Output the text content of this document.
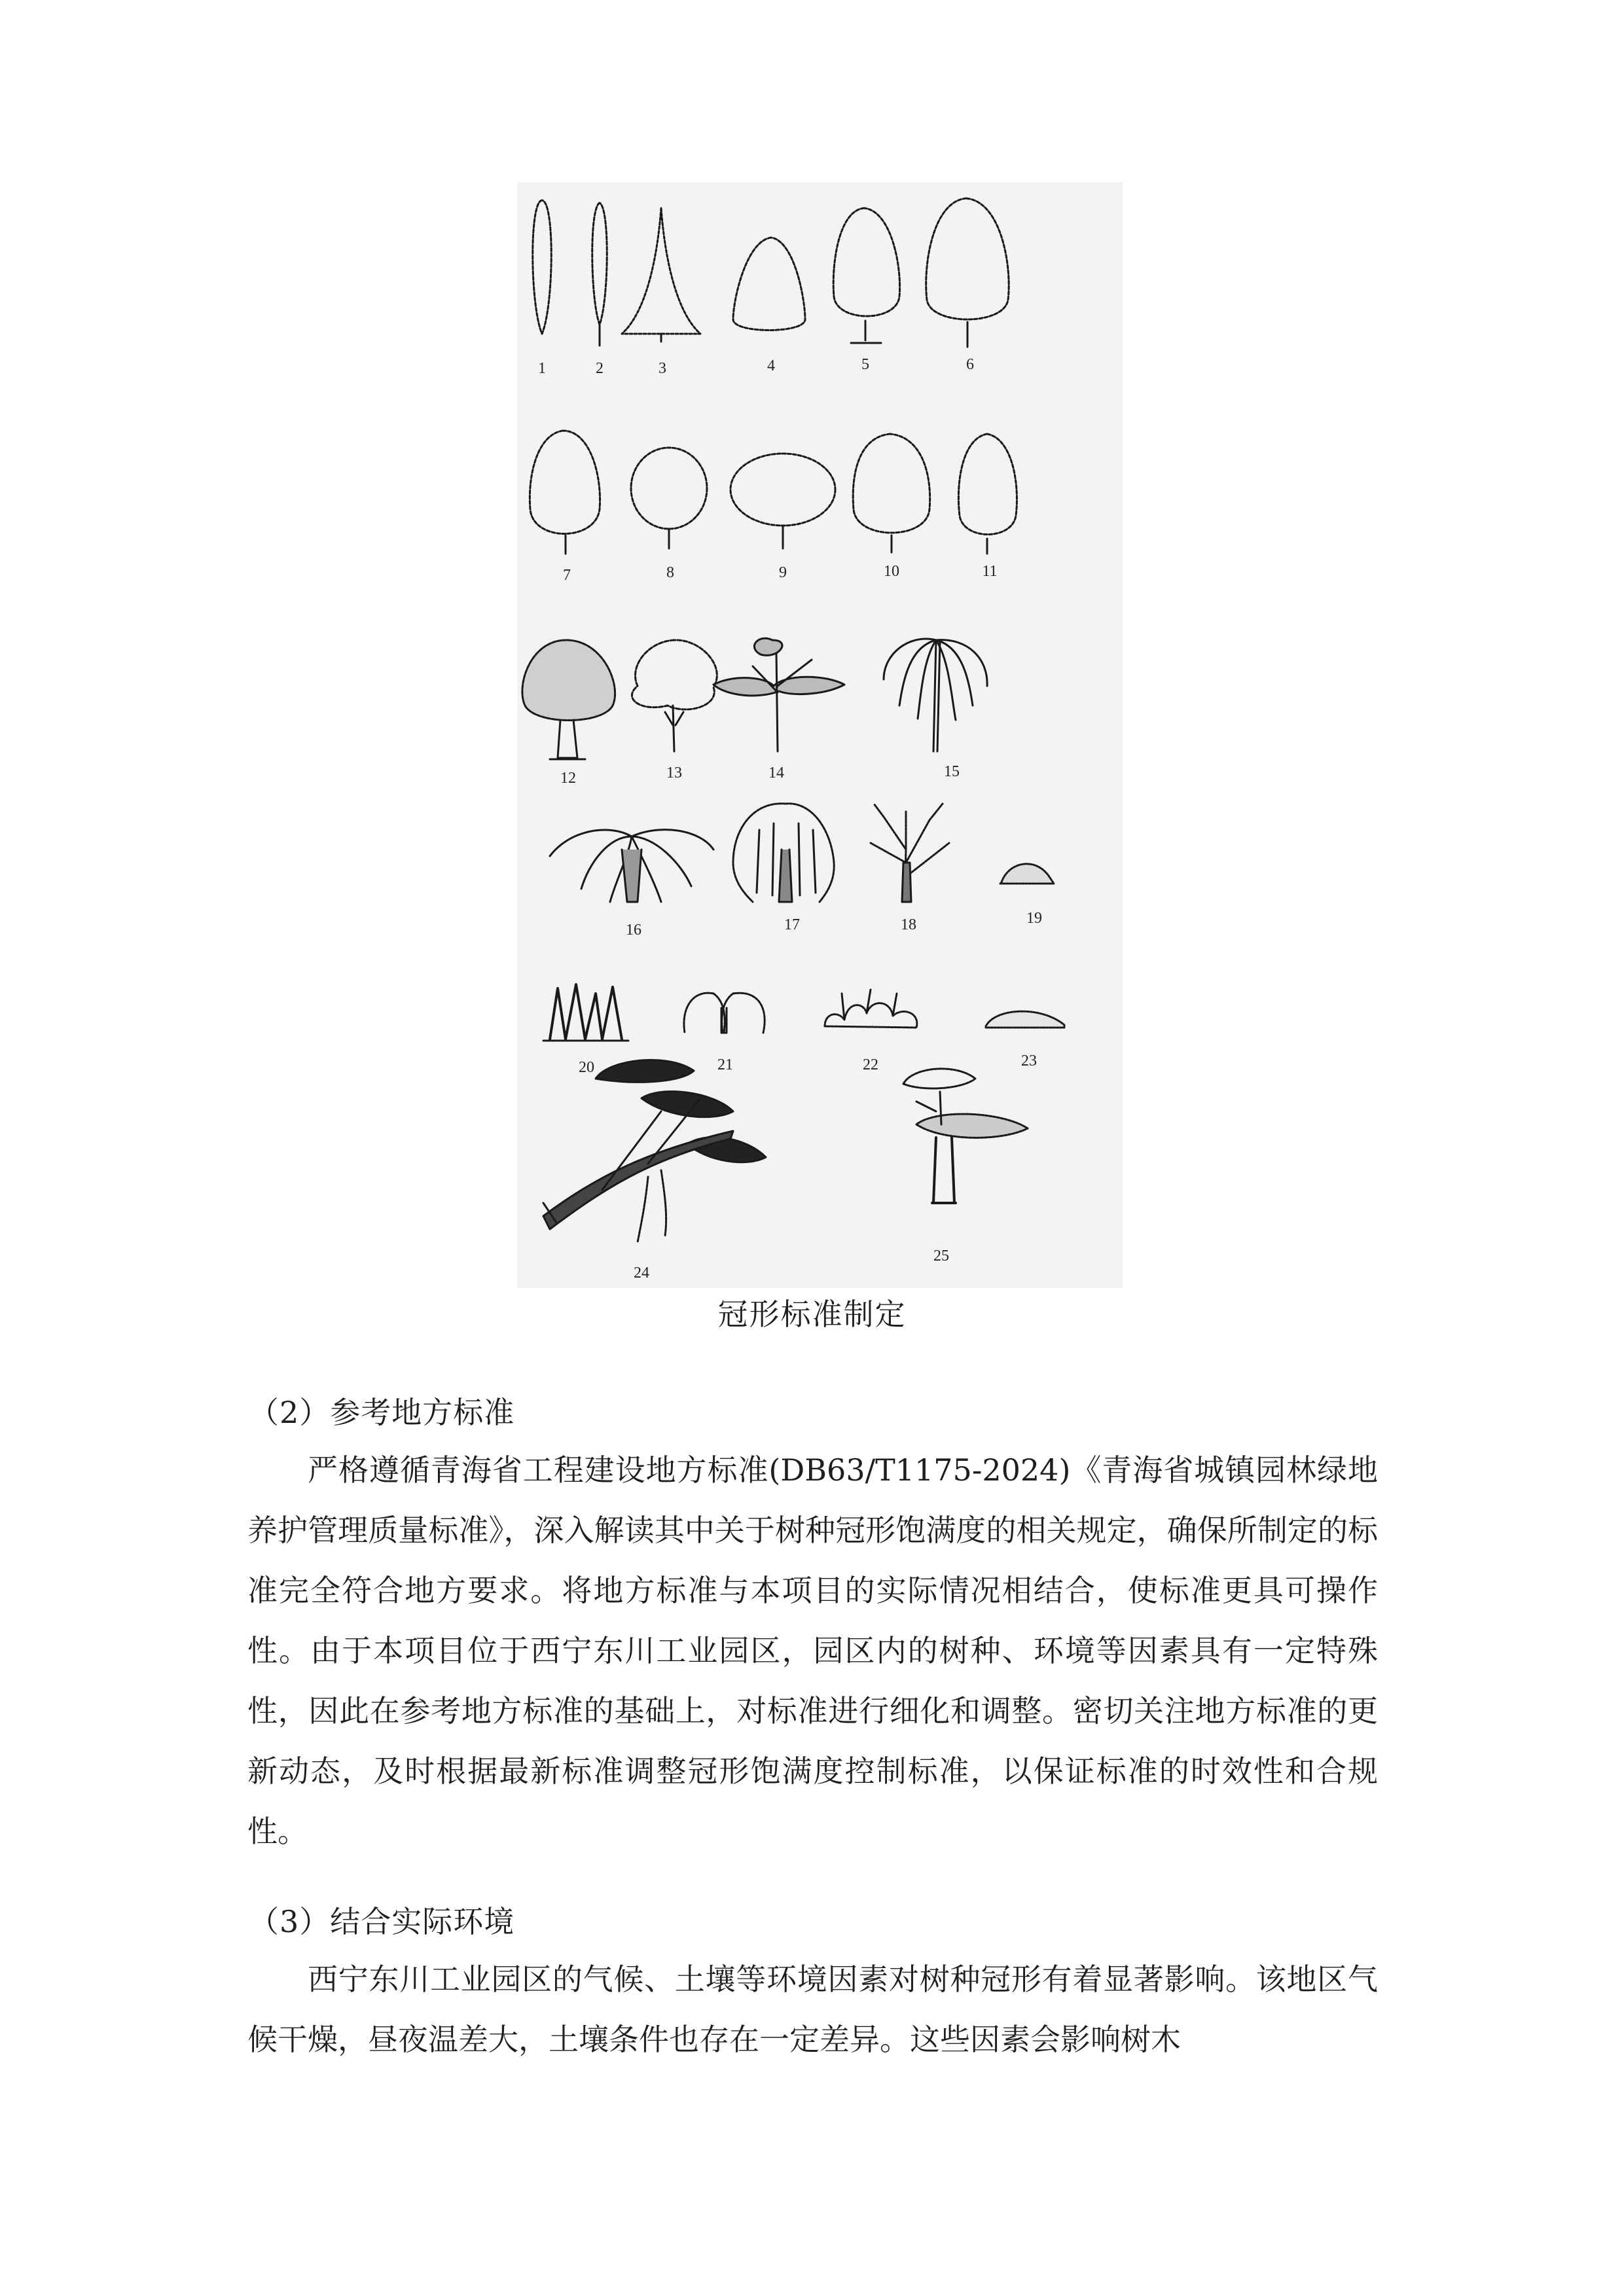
1	2	3	4	5	6
7	8	9	10	11
12	13	14	15
16	17	18	19
20	21	22	23
24
25
冠形标准制定
（2）参考地方标准

严格遵循青海省工程建设地方标准(DB63/T1175-2024)《青海省城镇园林绿地养护管理质量标准》，深入解读其中关于树种冠形饱满度的相关规定，确保所制定的标准完全符合地方要求。将地方标准与本项目的实际情况相结合，使标准更具可操作性。由于本项目位于西宁东川工业园区，园区内的树种、环境等因素具有一定特殊性，因此在参考地方标准的基础上，对标准进行细化和调整。密切关注地方标准的更新动态，及时根据最新标准调整冠形饱满度控制标准，以保证标准的时效性和合规性。

（3）结合实际环境

西宁东川工业园区的气候、土壤等环境因素对树种冠形有着显著影响。该地区气候干燥，昼夜温差大，土壤条件也存在一定差异。这些因素会影响树木
